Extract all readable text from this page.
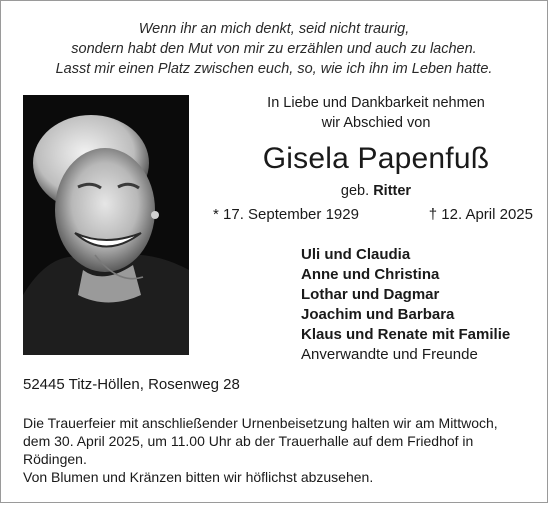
Wenn ihr an mich denkt, seid nicht traurig,
sondern habt den Mut von mir zu erzählen und auch zu lachen.
Lasst mir einen Platz zwischen euch, so, wie ich ihn im Leben hatte.
In Liebe und Dankbarkeit nehmen
wir Abschied von
Gisela Papenfuß
geb. Ritter
* 17. September 1929	† 12. April 2025
Uli und Claudia
Anne und Christina
Lothar und Dagmar
Joachim und Barbara
Klaus und Renate mit Familie
Anverwandte und Freunde
52445 Titz-Höllen, Rosenweg 28

Die Trauerfeier mit anschließender Urnenbeisetzung halten wir am Mittwoch,

dem 30. April 2025, um 11.00 Uhr ab der Trauerhalle auf dem Friedhof in

Rödingen.

Von Blumen und Kränzen bitten wir höflichst abzusehen.
